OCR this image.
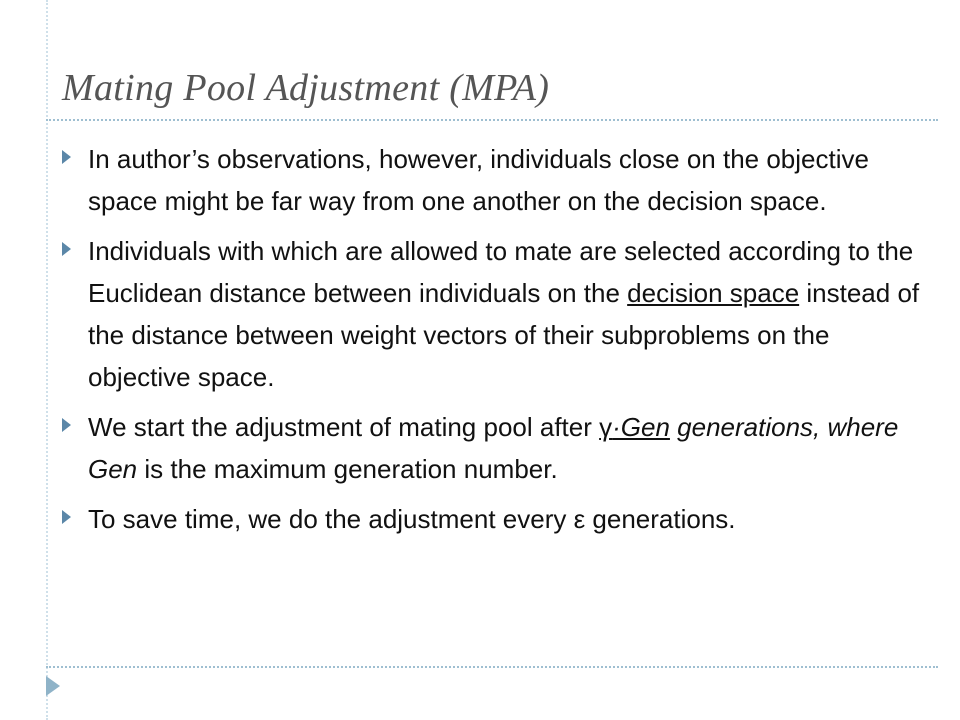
Mating Pool Adjustment (MPA)
In author’s observations, however, individuals close on the objective space might be far way from one another on the decision space.
Individuals with which are allowed to mate are selected according to the Euclidean distance between individuals on the decision space instead of the distance between weight vectors of their subproblems on the objective space.
We start the adjustment of mating pool after γ·Gen generations, where Gen is the maximum generation number.
To save time, we do the adjustment every ε generations.
